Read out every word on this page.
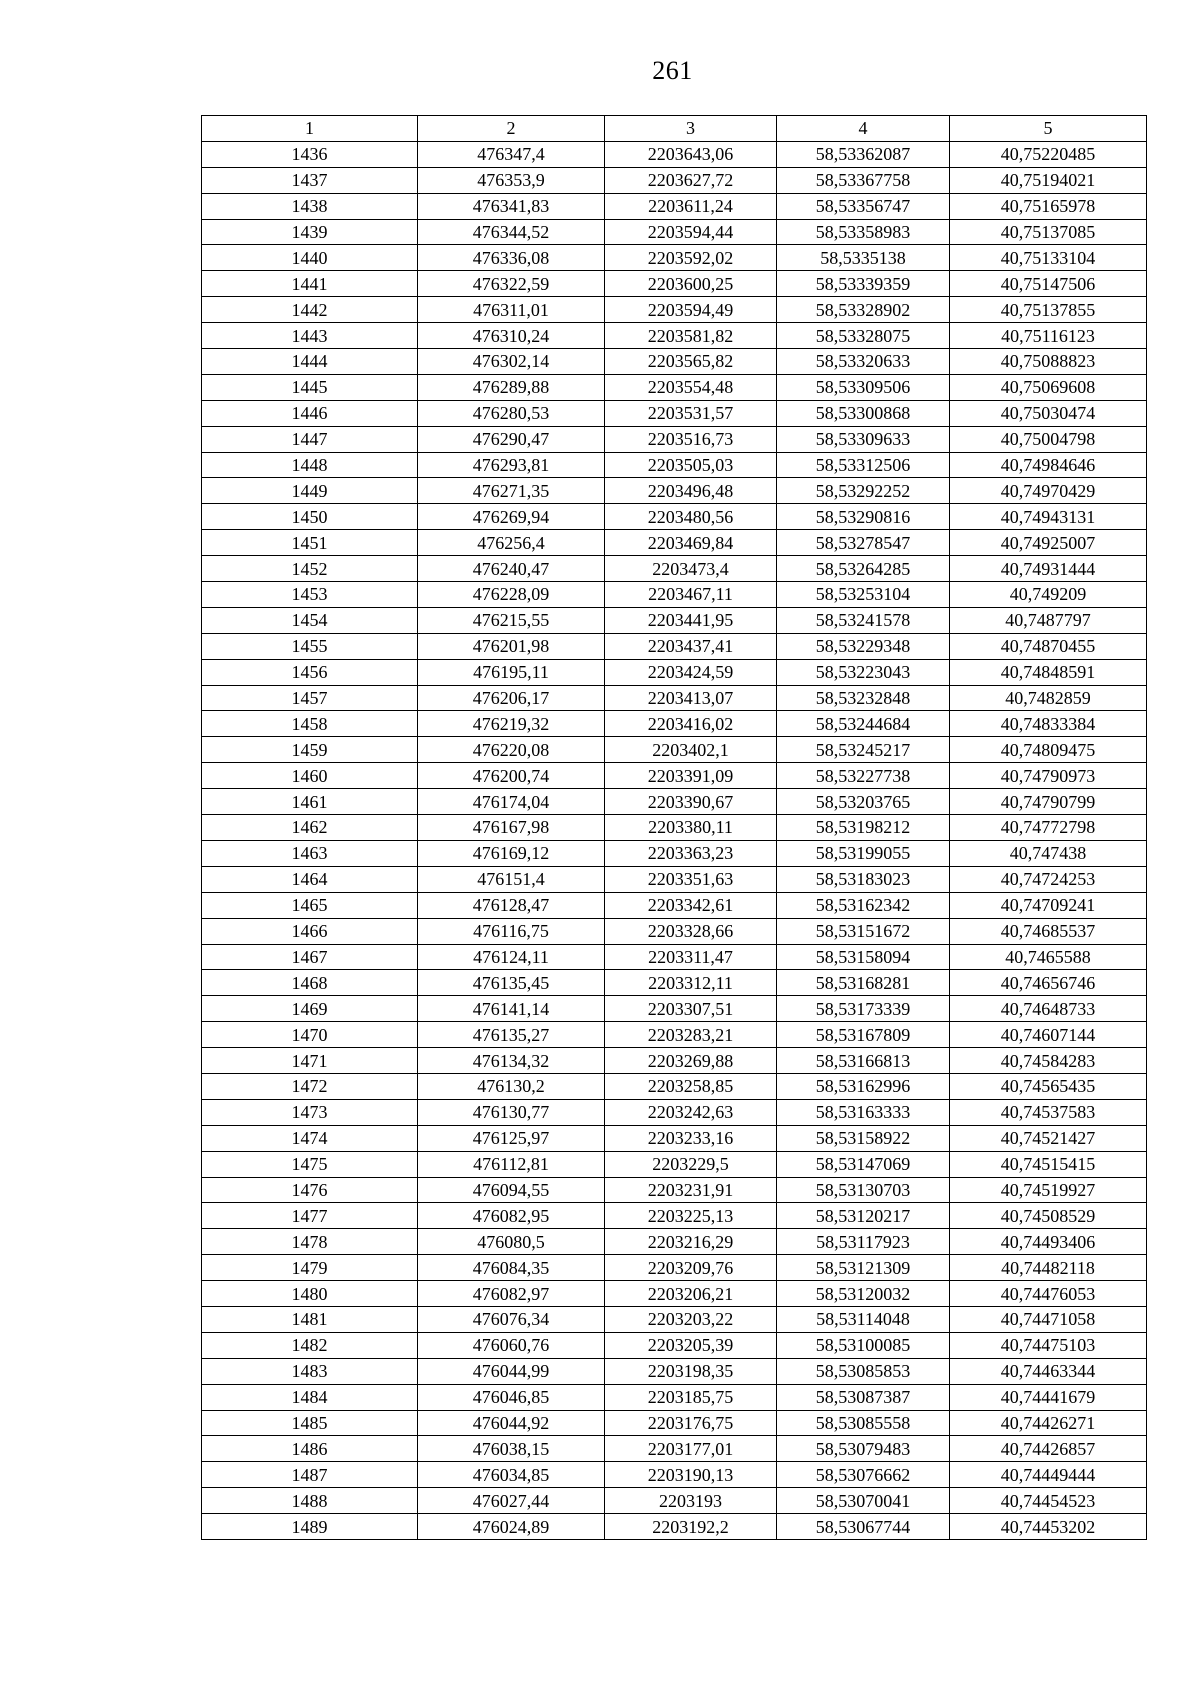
261
1	2	3	4	5
1436	476347,4	2203643,06	58,53362087	40,75220485
1437	476353,9	2203627,72	58,53367758	40,75194021
1438	476341,83	2203611,24	58,53356747	40,75165978
1439	476344,52	2203594,44	58,53358983	40,75137085
1440	476336,08	2203592,02	58,5335138	40,75133104
1441	476322,59	2203600,25	58,53339359	40,75147506
1442	476311,01	2203594,49	58,53328902	40,75137855
1443	476310,24	2203581,82	58,53328075	40,75116123
1444	476302,14	2203565,82	58,53320633	40,75088823
1445	476289,88	2203554,48	58,53309506	40,75069608
1446	476280,53	2203531,57	58,53300868	40,75030474
1447	476290,47	2203516,73	58,53309633	40,75004798
1448	476293,81	2203505,03	58,53312506	40,74984646
1449	476271,35	2203496,48	58,53292252	40,74970429
1450	476269,94	2203480,56	58,53290816	40,74943131
1451	476256,4	2203469,84	58,53278547	40,74925007
1452	476240,47	2203473,4	58,53264285	40,74931444
1453	476228,09	2203467,11	58,53253104	40,749209
1454	476215,55	2203441,95	58,53241578	40,7487797
1455	476201,98	2203437,41	58,53229348	40,74870455
1456	476195,11	2203424,59	58,53223043	40,74848591
1457	476206,17	2203413,07	58,53232848	40,7482859
1458	476219,32	2203416,02	58,53244684	40,74833384
1459	476220,08	2203402,1	58,53245217	40,74809475
1460	476200,74	2203391,09	58,53227738	40,74790973
1461	476174,04	2203390,67	58,53203765	40,74790799
1462	476167,98	2203380,11	58,53198212	40,74772798
1463	476169,12	2203363,23	58,53199055	40,747438
1464	476151,4	2203351,63	58,53183023	40,74724253
1465	476128,47	2203342,61	58,53162342	40,74709241
1466	476116,75	2203328,66	58,53151672	40,74685537
1467	476124,11	2203311,47	58,53158094	40,7465588
1468	476135,45	2203312,11	58,53168281	40,74656746
1469	476141,14	2203307,51	58,53173339	40,74648733
1470	476135,27	2203283,21	58,53167809	40,74607144
1471	476134,32	2203269,88	58,53166813	40,74584283
1472	476130,2	2203258,85	58,53162996	40,74565435
1473	476130,77	2203242,63	58,53163333	40,74537583
1474	476125,97	2203233,16	58,53158922	40,74521427
1475	476112,81	2203229,5	58,53147069	40,74515415
1476	476094,55	2203231,91	58,53130703	40,74519927
1477	476082,95	2203225,13	58,53120217	40,74508529
1478	476080,5	2203216,29	58,53117923	40,74493406
1479	476084,35	2203209,76	58,53121309	40,74482118
1480	476082,97	2203206,21	58,53120032	40,74476053
1481	476076,34	2203203,22	58,53114048	40,74471058
1482	476060,76	2203205,39	58,53100085	40,74475103
1483	476044,99	2203198,35	58,53085853	40,74463344
1484	476046,85	2203185,75	58,53087387	40,74441679
1485	476044,92	2203176,75	58,53085558	40,74426271
1486	476038,15	2203177,01	58,53079483	40,74426857
1487	476034,85	2203190,13	58,53076662	40,74449444
1488	476027,44	2203193	58,53070041	40,74454523
1489	476024,89	2203192,2	58,53067744	40,74453202
